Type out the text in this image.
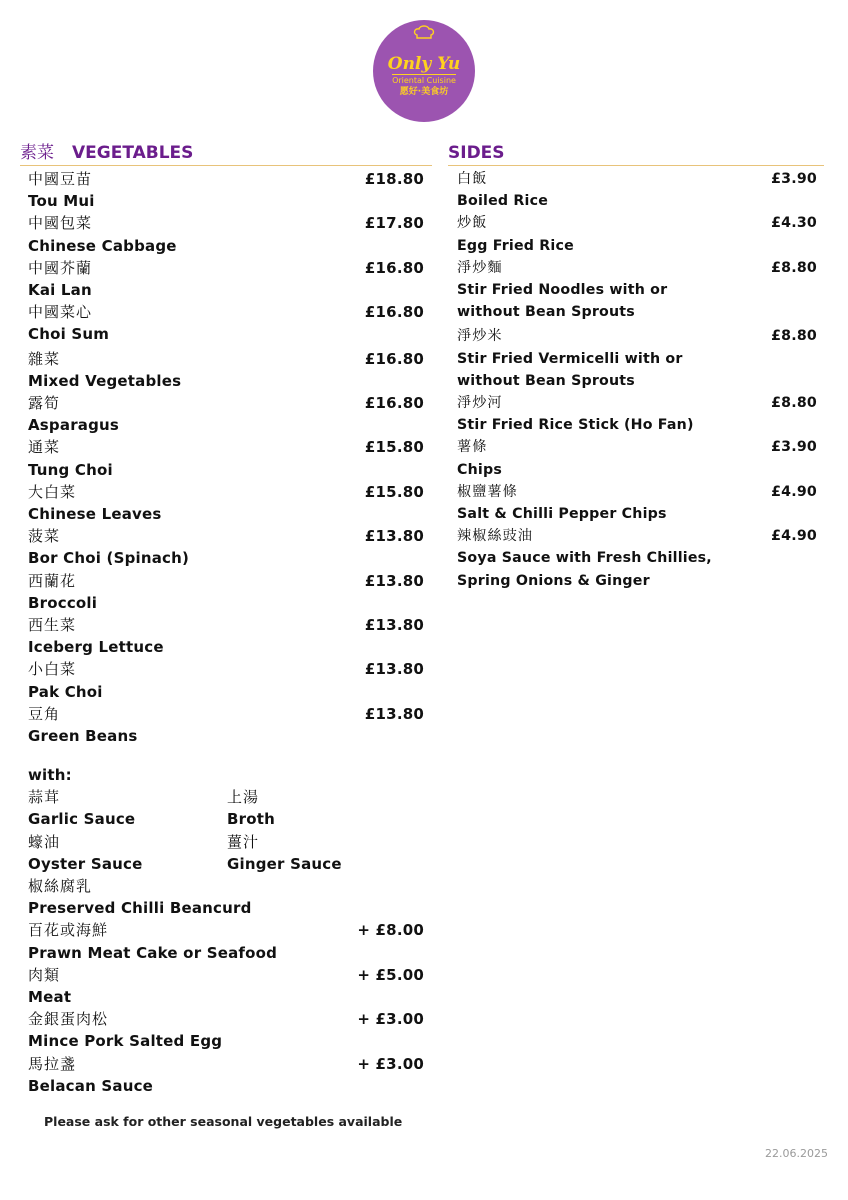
Only Yu
Oriental Cuisine
愿好·美食坊
素菜 VEGETABLES	SIDES
中國豆苗	£18.80
Tou Mui
中國包菜	£17.80
Chinese Cabbage
中國芥蘭	£16.80
Kai Lan
中國菜心	£16.80
Choi Sum
雜菜	£16.80
Mixed Vegetables
露筍	£16.80
Asparagus
通菜	£15.80
Tung Choi
大白菜	£15.80
Chinese Leaves
菠菜	£13.80
Bor Choi (Spinach)
西蘭花	£13.80
Broccoli
西生菜	£13.80
Iceberg Lettuce
小白菜	£13.80
Pak Choi
豆角	£13.80
Green Beans
with:
蒜茸	上湯
Garlic Sauce	Broth
蠔油	薑汁
Oyster Sauce	Ginger Sauce
椒絲腐乳
Preserved Chilli Beancurd
百花或海鮮	+ £8.00
Prawn Meat Cake or Seafood
肉類	+ £5.00
Meat
金銀蛋肉松	+ £3.00
Mince Pork Salted Egg
馬拉盞	+ £3.00
Belacan Sauce
白飯	£3.90
Boiled Rice
炒飯	£4.30
Egg Fried Rice
淨炒麵	£8.80
Stir Fried Noodles with or
without Bean Sprouts
淨炒米	£8.80
Stir Fried Vermicelli with or
without Bean Sprouts
淨炒河	£8.80
Stir Fried Rice Stick (Ho Fan)
薯條	£3.90
Chips
椒鹽薯條	£4.90
Salt & Chilli Pepper Chips
辣椒絲豉油	£4.90
Soya Sauce with Fresh Chillies,
Spring Onions & Ginger
Please ask for other seasonal vegetables available
22.06.2025
